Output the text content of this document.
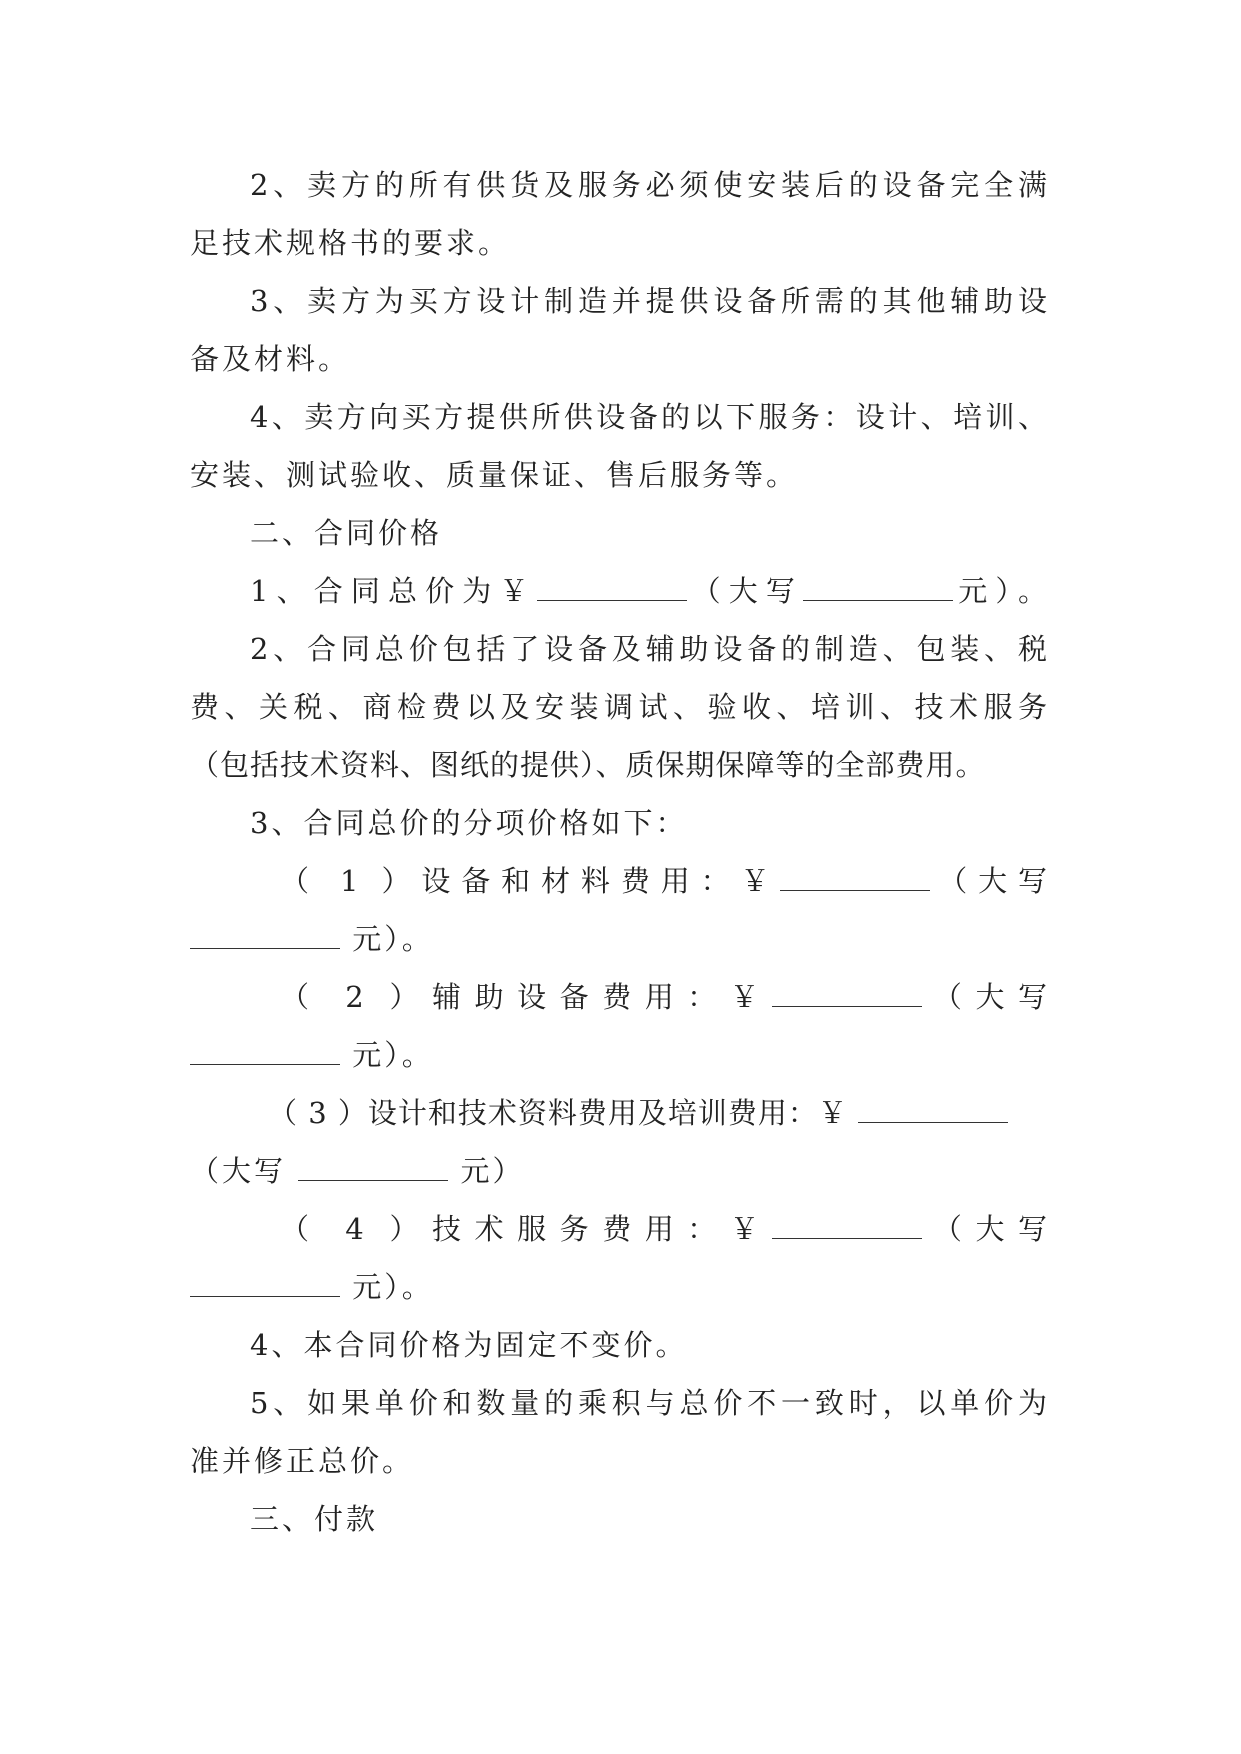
2、卖方的所有供货及服务必须使安装后的设备完全满
足技术规格书的要求。
3、卖方为买方设计制造并提供设备所需的其他辅助设
备及材料。
4、卖方向买方提供所供设备的以下服务：设计、培训、
安装、测试验收、质量保证、售后服务等。
二、合同价格
1、合同总价为￥	（大写	元）。
2、合同总价包括了设备及辅助设备的制造、包装、税
费、关税、商检费以及安装调试、验收、培训、技术服务
（包括技术资料、图纸的提供）、质保期保障等的全部费用。
3、合同总价的分项价格如下：
（ 1 ）设备和材料费用：￥	（大写
元）。
（ 2 ）辅助设备费用：￥	（大写
元）。
（ 3 ）设计和技术资料费用及培训费用：￥
（大写	元）
（ 4 ）技术服务费用：￥	（大写
元）。
4、本合同价格为固定不变价。
5、如果单价和数量的乘积与总价不一致时，以单价为
准并修正总价。
三、付款
